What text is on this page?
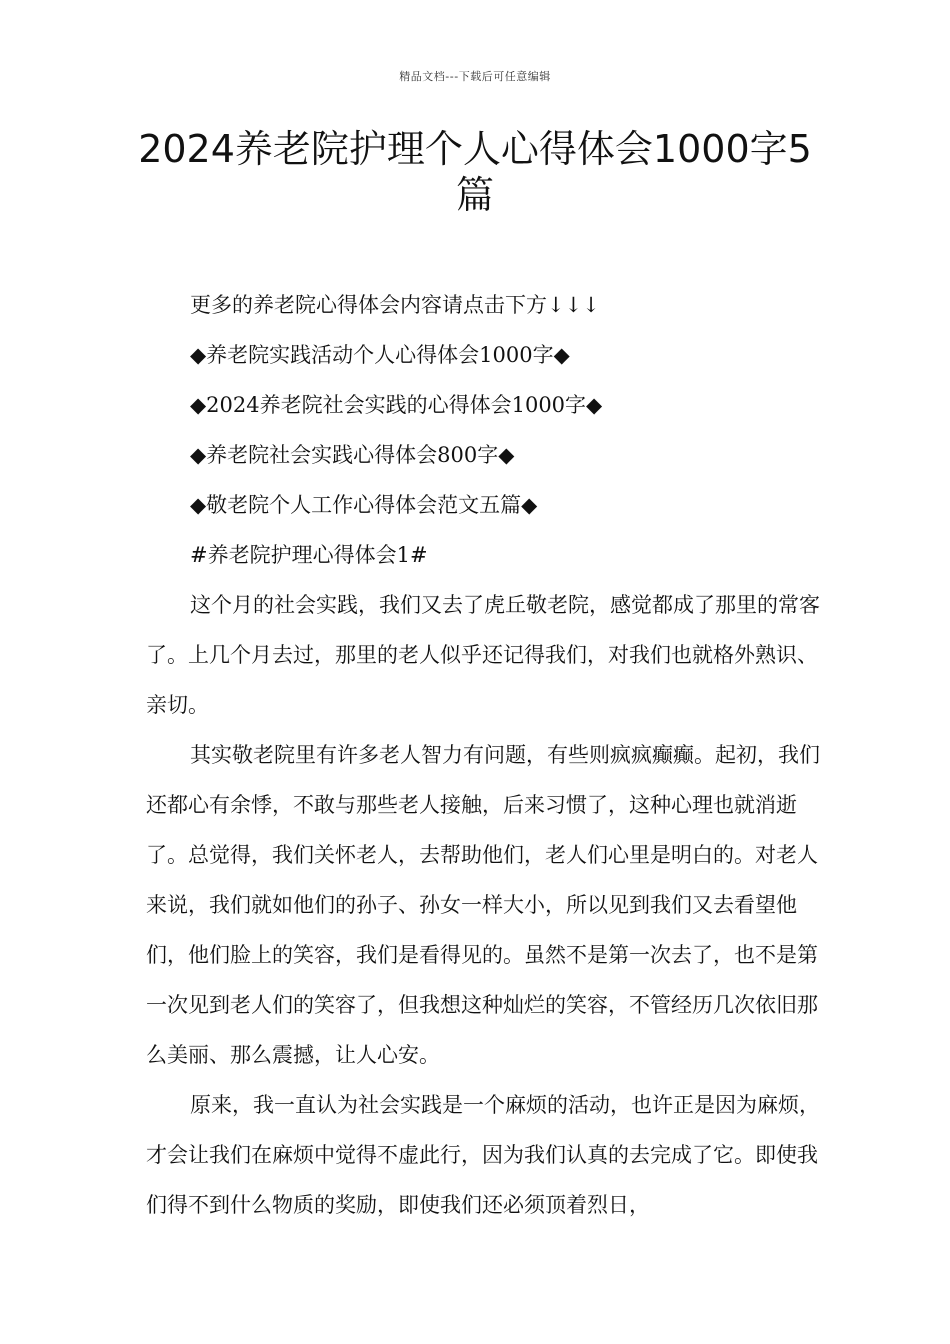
精品文档---下载后可任意编辑
2024养老院护理个人心得体会1000字5篇

更多的养老院心得体会内容请点击下方↓↓↓

◆养老院实践活动个人心得体会1000字◆

◆2024养老院社会实践的心得体会1000字◆

◆养老院社会实践心得体会800字◆

◆敬老院个人工作心得体会范文五篇◆

#养老院护理心得体会1#

这个月的社会实践，我们又去了虎丘敬老院，感觉都成了那里的常客了。上几个月去过，那里的老人似乎还记得我们，对我们也就格外熟识、亲切。

其实敬老院里有许多老人智力有问题，有些则疯疯癫癫。起初，我们还都心有余悸，不敢与那些老人接触，后来习惯了，这种心理也就消逝了。总觉得，我们关怀老人，去帮助他们，老人们心里是明白的。对老人来说，我们就如他们的孙子、孙女一样大小，所以见到我们又去看望他们，他们脸上的笑容，我们是看得见的。虽然不是第一次去了，也不是第一次见到老人们的笑容了，但我想这种灿烂的笑容，不管经历几次依旧那么美丽、那么震撼，让人心安。

原来，我一直认为社会实践是一个麻烦的活动，也许正是因为麻烦，才会让我们在麻烦中觉得不虚此行，因为我们认真的去完成了它。即使我们得不到什么物质的奖励，即使我们还必须顶着烈日，
